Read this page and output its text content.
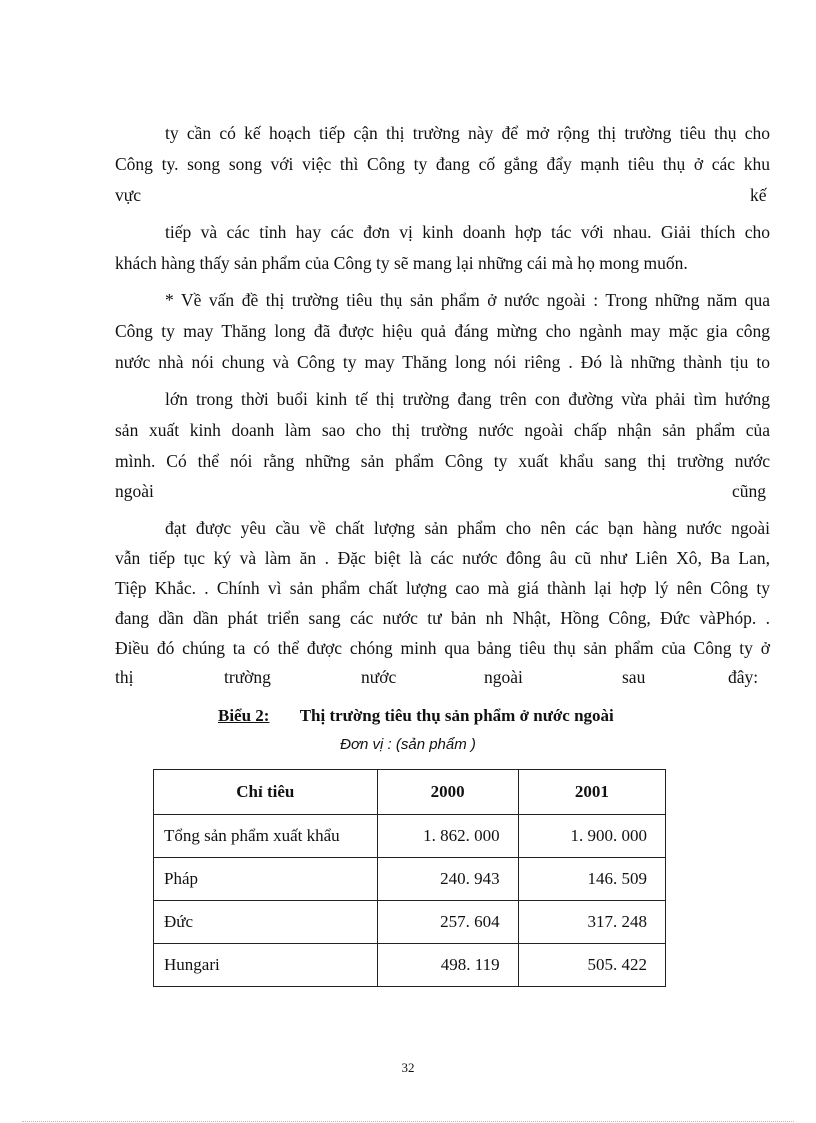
ty cần có kế hoạch tiếp cận thị trường này để mở rộng thị trường tiêu thụ cho
Công ty. song song với việc thì Công ty đang cố gắng đẩy mạnh tiêu thụ ở các khu
vực	kế
tiếp và các tỉnh hay các đơn vị kinh doanh hợp tác với nhau. Giải thích cho
khách hàng thấy sản phẩm của Công ty sẽ mang lại những cái mà họ mong muốn.
* Về vấn đề thị trường tiêu thụ sản phẩm ở nước ngoài : Trong những năm qua
Công ty may Thăng long đã được hiệu quả đáng mừng cho ngành may mặc gia công
nước nhà nói chung và Công ty may Thăng long nói riêng . Đó là những thành tịu to
lớn trong thời buổi kinh tế thị trường đang trên con đường vừa phải tìm hướng
sản xuất kinh doanh làm sao cho thị trường nước ngoài chấp nhận sản phẩm của
mình. Có thể nói rằng những sản phẩm Công ty xuất khẩu sang thị trường nước
ngoài	cũng
đạt được yêu cầu về chất lượng sản phẩm cho nên các bạn hàng nước ngoài
vẫn tiếp tục ký và làm ăn . Đặc biệt là các nước đông âu cũ như Liên Xô, Ba Lan,
Tiệp Khắc. . Chính vì sản phẩm chất lượng cao mà giá thành lại hợp lý nên Công ty
đang dần dần phát triển sang các nước tư bản nh Nhật, Hồng Công, Đức vàPhóp. .
Điều đó chúng ta có thể được chóng minh qua bảng tiêu thụ sản phẩm của Công ty ở
thị	trường	nước	ngoài	sau	đây:
Biểu 2: Thị trường tiêu thụ sản phẩm ở nước ngoài
Đơn vị : (sản phẩm )
Chỉ tiêu	2000	2001
Tổng sản phẩm xuất khẩu	1. 862. 000	1. 900. 000
Pháp	240. 943	146. 509
Đức	257. 604	317. 248
Hungari	498. 119	505. 422
32
